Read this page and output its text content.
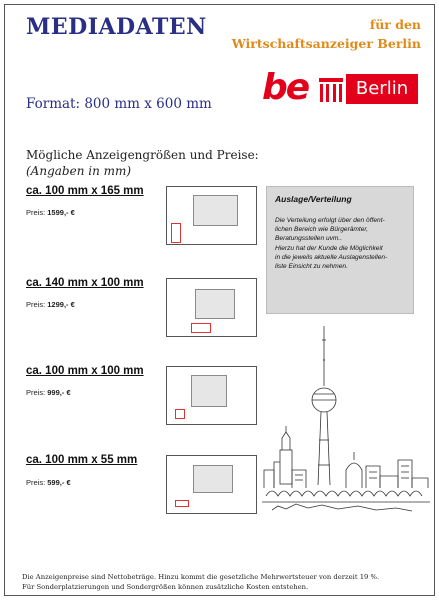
MEDIADATEN	für den
Wirtschaftsanzeiger Berlin
be	Berlin
Format: 800 mm x 600 mm
Mögliche Anzeigengrößen und Preise:
(Angaben in mm)
ca. 100 mm x 165 mm
Preis: 1599,- €
ca. 140 mm x 100 mm
Preis: 1299,- €
ca. 100 mm x 100 mm
Preis: 999,- €
ca. 100 mm x 55 mm
Preis: 599,- €
Auslage/Verteilung
Die Verteilung erfolgt über den öffent-
lichen Bereich wie Bürgerämter,
Beratungsstellen uvm..
Hierzu hat der Kunde die Möglichkeit
in die jeweils aktuelle Auslagenstellen-
liste Einsicht zu nehmen.
Die Anzeigenpreise sind Nettobeträge. Hinzu kommt die gesetzliche Mehrwertsteuer von derzeit 19 %.
Für Sonderplatzierungen und Sondergrößen können zusätzliche Kosten entstehen.
